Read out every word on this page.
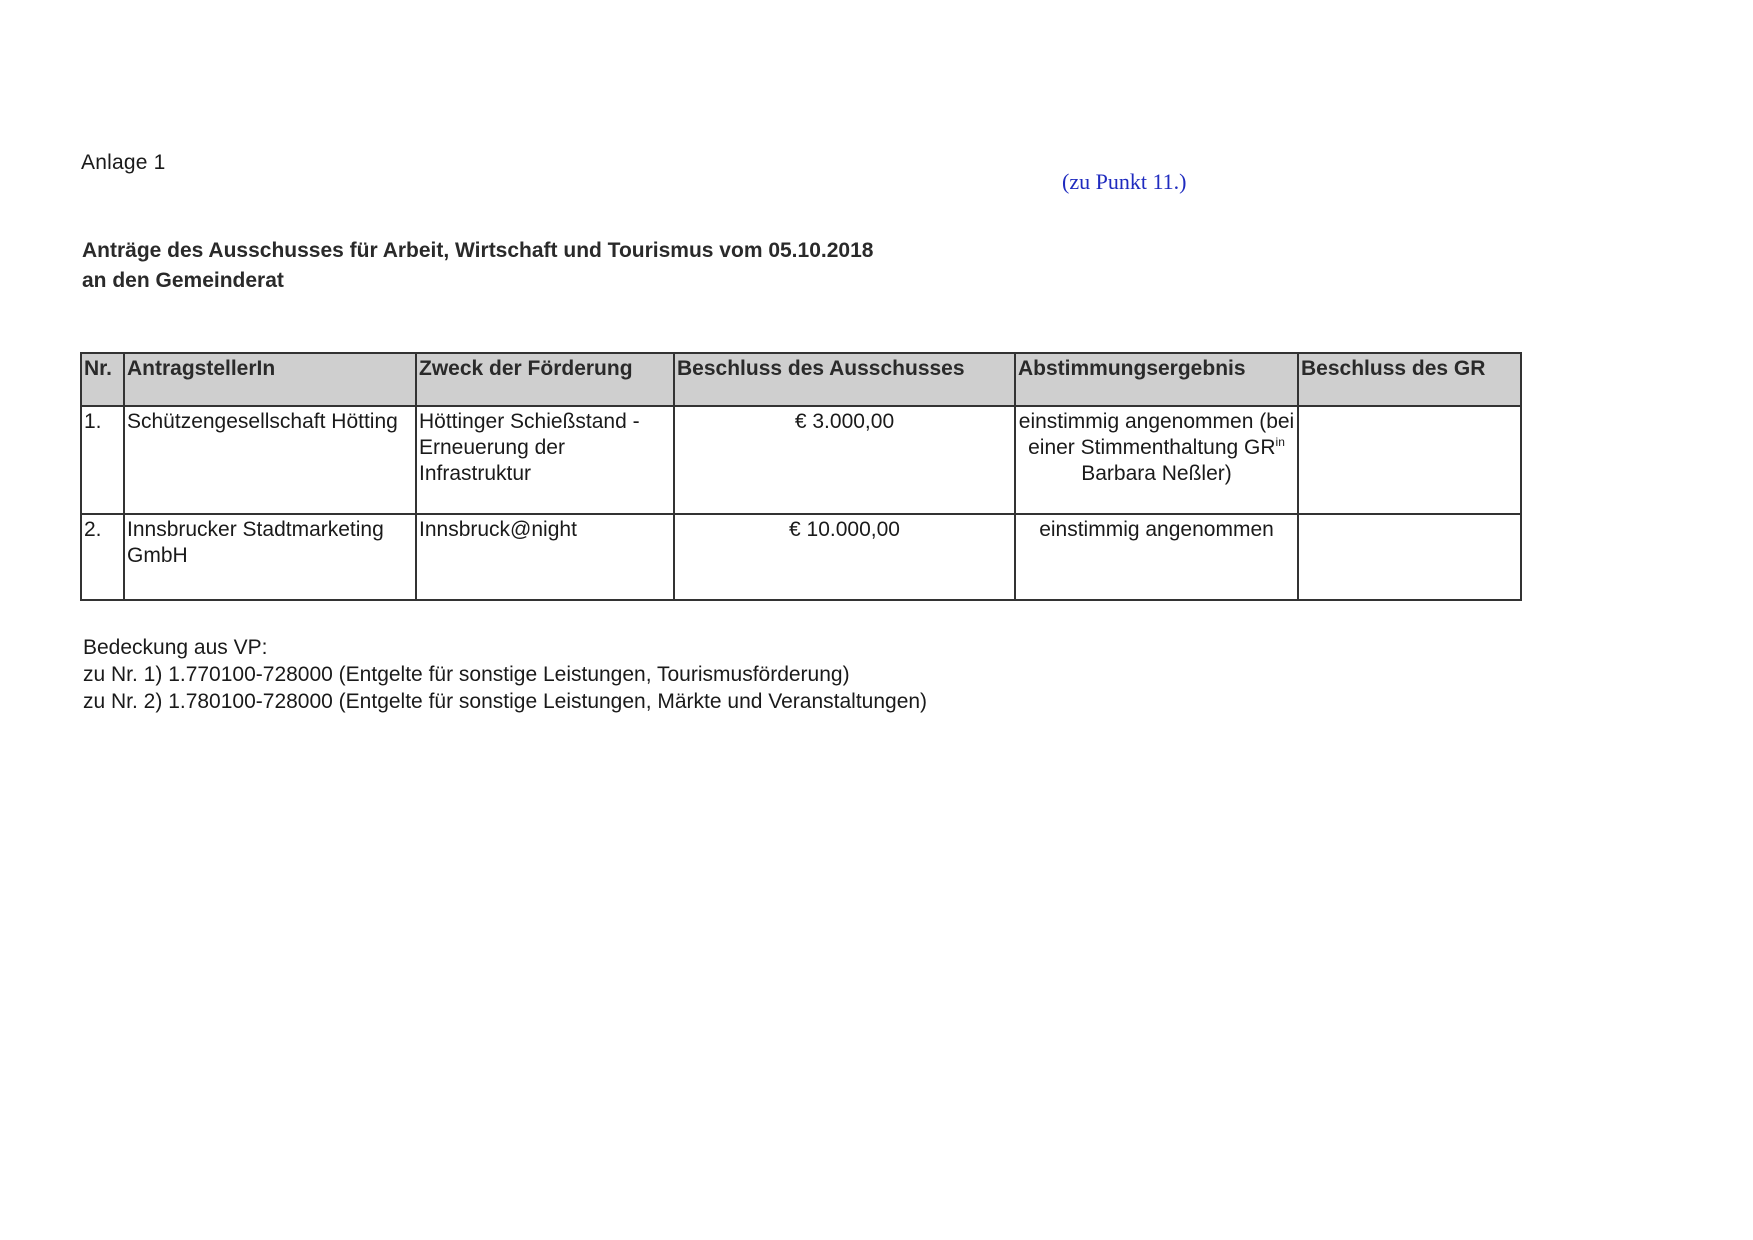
Anlage 1
(zu Punkt 11.)
Anträge des Ausschusses für Arbeit, Wirtschaft und Tourismus vom 05.10.2018
an den Gemeinderat
Nr.	AntragstellerIn	Zweck der Förderung	Beschluss des Ausschusses	Abstimmungsergebnis	Beschluss des GR
1.	Schützengesellschaft Hötting	Höttinger Schießstand - Erneuerung der Infrastruktur	€ 3.000,00	einstimmig angenommen (bei einer Stimmenthaltung $GR^{in}$ Barbara Neßler)	
2.	Innsbrucker Stadtmarketing GmbH	Innsbruck@night	€ 10.000,00	einstimmig angenommen	
Bedeckung aus VP:
zu Nr. 1) 1.770100-728000 (Entgelte für sonstige Leistungen, Tourismusförderung)
zu Nr. 2) 1.780100-728000 (Entgelte für sonstige Leistungen, Märkte und Veranstaltungen)
